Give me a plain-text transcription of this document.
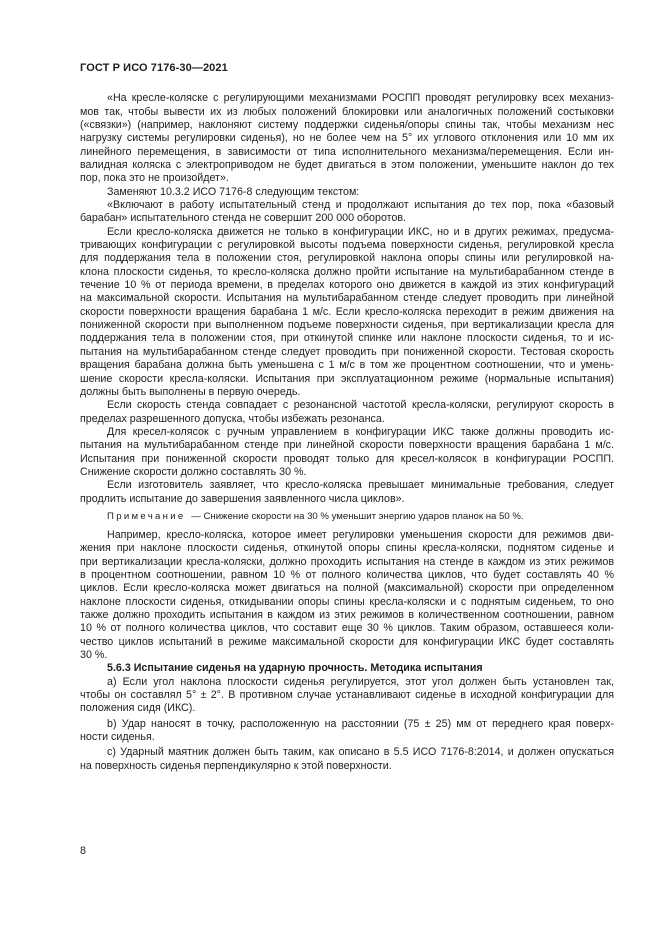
ГОСТ Р ИСО 7176-30—2021
«На кресле-коляске с регулирующими механизмами РОСПП проводят регулировку всех механиз-
мов так, чтобы вывести их из любых положений блокировки или аналогичных положений состыковки
(«связки») (например, наклоняют систему поддержки сиденья/опоры спины так, чтобы механизм нес
нагрузку системы регулировки сиденья), но не более чем на 5° их углового отклонения или 10 мм их
линейного перемещения, в зависимости от типа исполнительного механизма/перемещения. Если ин-
валидная коляска с электроприводом не будет двигаться в этом положении, уменьшите наклон до тех
пор, пока это не произойдет».
Заменяют 10.3.2 ИСО 7176-8 следующим текстом:
«Включают в работу испытательный стенд и продолжают испытания до тех пор, пока «базовый
барабан» испытательного стенда не совершит 200 000 оборотов.
Если кресло-коляска движется не только в конфигурации ИКС, но и в других режимах, предусма-
тривающих конфигурации с регулировкой высоты подъема поверхности сиденья, регулировкой кресла
для поддержания тела в положении стоя, регулировкой наклона опоры спины или регулировкой на-
клона плоскости сиденья, то кресло-коляска должно пройти испытание на мультибарабанном стенде в
течение 10 % от периода времени, в пределах которого оно движется в каждой из этих конфигураций
на максимальной скорости. Испытания на мультибарабанном стенде следует проводить при линейной
скорости поверхности вращения барабана 1 м/с. Если кресло-коляска переходит в режим движения на
пониженной скорости при выполненном подъеме поверхности сиденья, при вертикализации кресла для
поддержания тела в положении стоя, при откинутой спинке или наклоне плоскости сиденья, то и ис-
пытания на мультибарабанном стенде следует проводить при пониженной скорости. Тестовая скорость
вращения барабана должна быть уменьшена с 1 м/с в том же процентном соотношении, что и умень-
шение скорости кресла-коляски. Испытания при эксплуатационном режиме (нормальные испытания)
должны быть выполнены в первую очередь.
Если скорость стенда совпадает с резонансной частотой кресла-коляски, регулируют скорость в
пределах разрешенного допуска, чтобы избежать резонанса.
Для кресел-колясок с ручным управлением в конфигурации ИКС также должны проводить ис-
пытания на мультибарабанном стенде при линейной скорости поверхности вращения барабана 1 м/с.
Испытания при пониженной скорости проводят только для кресел-колясок в конфигурации РОСПП.
Снижение скорости должно составлять 30 %.
Если изготовитель заявляет, что кресло-коляска превышает минимальные требования, следует
продлить испытание до завершения заявленного числа циклов».
Примечание — Снижение скорости на 30 % уменьшит энергию ударов планок на 50 %.
Например, кресло-коляска, которое имеет регулировки уменьшения скорости для режимов дви-
жения при наклоне плоскости сиденья, откинутой опоры спины кресла-коляски, поднятом сиденье и
при вертикализации кресла-коляски, должно проходить испытания на стенде в каждом из этих режимов
в процентном соотношении, равном 10 % от полного количества циклов, что будет составлять 40 %
циклов. Если кресло-коляска может двигаться на полной (максимальной) скорости при определенном
наклоне плоскости сиденья, откидывании опоры спины кресла-коляски и с поднятым сиденьем, то оно
также должно проходить испытания в каждом из этих режимов в количественном соотношении, равном
10 % от полного количества циклов, что составит еще 30 % циклов. Таким образом, оставшееся коли-
чество циклов испытаний в режиме максимальной скорости для конфигурации ИКС будет составлять
30 %.
5.6.3 Испытание сиденья на ударную прочность. Методика испытания
а) Если угол наклона плоскости сиденья регулируется, этот угол должен быть установлен так,
чтобы он составлял 5° ± 2°. В противном случае устанавливают сиденье в исходной конфигурации для
положения сидя (ИКС).
b) Удар наносят в точку, расположенную на расстоянии (75 ± 25) мм от переднего края поверх-
ности сиденья.
c) Ударный маятник должен быть таким, как описано в 5.5 ИСО 7176-8:2014, и должен опускаться
на поверхность сиденья перпендикулярно к этой поверхности.
8
